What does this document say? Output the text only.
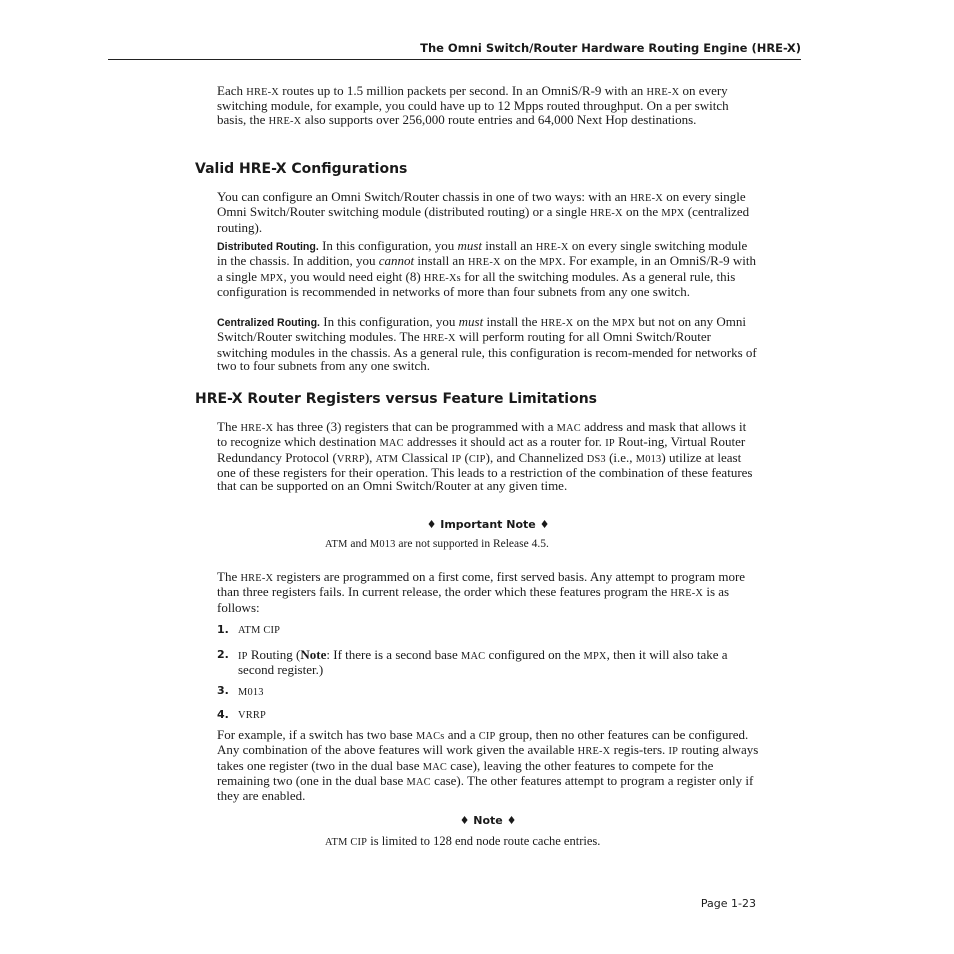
The Omni Switch/Router Hardware Routing Engine (HRE-X)
Each HRE-X routes up to 1.5 million packets per second. In an OmniS/R-9 with an HRE-X on every switching module, for example, you could have up to 12 Mpps routed throughput. On a per switch basis, the HRE-X also supports over 256,000 route entries and 64,000 Next Hop destinations.
Valid HRE-X Configurations
You can configure an Omni Switch/Router chassis in one of two ways: with an HRE-X on every single Omni Switch/Router switching module (distributed routing) or a single HRE-X on the MPX (centralized routing).
Distributed Routing. In this configuration, you must install an HRE-X on every single switching module in the chassis. In addition, you cannot install an HRE-X on the MPX. For example, in an OmniS/R-9 with a single MPX, you would need eight (8) HRE-Xs for all the switching modules. As a general rule, this configuration is recommended in networks of more than four subnets from any one switch.
Centralized Routing. In this configuration, you must install the HRE-X on the MPX but not on any Omni Switch/Router switching modules. The HRE-X will perform routing for all Omni Switch/Router switching modules in the chassis. As a general rule, this configuration is recom-mended for networks of two to four subnets from any one switch.
HRE-X Router Registers versus Feature Limitations
The HRE-X has three (3) registers that can be programmed with a MAC address and mask that allows it to recognize which destination MAC addresses it should act as a router for. IP Rout-ing, Virtual Router Redundancy Protocol (VRRP), ATM Classical IP (CIP), and Channelized DS3 (i.e., M013) utilize at least one of these registers for their operation. This leads to a restriction of the combination of these features that can be supported on an Omni Switch/Router at any given time.
♦ Important Note ♦
ATM and M013 are not supported in Release 4.5.
The HRE-X registers are programmed on a first come, first served basis. Any attempt to program more than three registers fails. In current release, the order which these features program the HRE-X is as follows:
1. ATM CIP
2. IP Routing (Note: If there is a second base MAC configured on the MPX, then it will also take a second register.)
3. M013
4. VRRP
For example, if a switch has two base MACs and a CIP group, then no other features can be configured. Any combination of the above features will work given the available HRE-X regis-ters. IP routing always takes one register (two in the dual base MAC case), leaving the other features to compete for the remaining two (one in the dual base MAC case). The other features attempt to program a register only if they are enabled.
♦ Note ♦
ATM CIP is limited to 128 end node route cache entries.
Page 1-23
